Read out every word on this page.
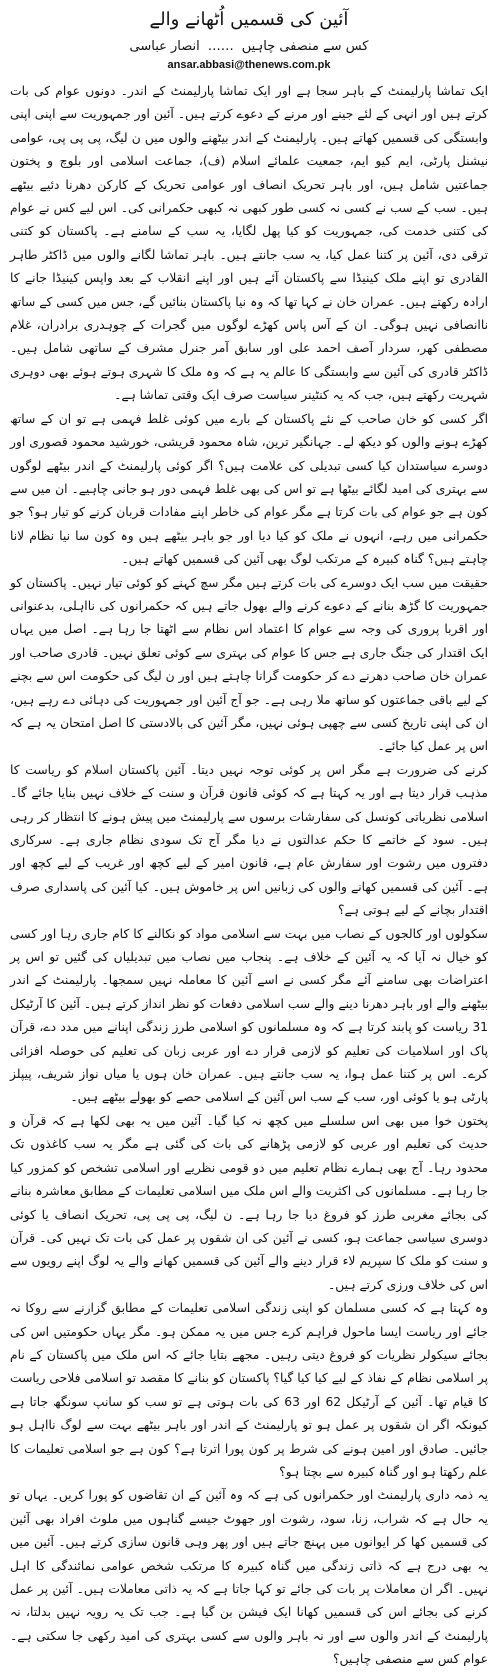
آئین کی قسمیں اُٹھانے والے
کس سے منصفی چاہیں
……
انصار عباسی
ansar.abbasi@thenews.com.pk

ایک تماشا پارلیمنٹ کے باہر سجا ہے اور ایک تماشا پارلیمنٹ کے اندر۔ دونوں عوام کی بات کرتے ہیں اور انہی کے لئے جینے اور مرنے کے دعوے کرتے ہیں۔ آئین اور جمہوریت سے اپنی اپنی وابستگی کی قسمیں کھاتے ہیں۔ پارلیمنٹ کے اندر بیٹھنے والوں میں ن لیگ، پی پی پی، عوامی نیشنل پارٹی، ایم کیو ایم، جمعیت علمائے اسلام (ف)، جماعت اسلامی اور بلوچ و پختون جماعتیں شامل ہیں، اور باہر تحریک انصاف اور عوامی تحریک کے کارکن دھرنا دئیے بیٹھے ہیں۔ سب کے سب نے کسی نہ کسی طور کبھی نہ کبھی حکمرانی کی۔ اس لیے کس نے عوام کی کتنی خدمت کی، جمہوریت کو کیا پھل لگایا، یہ سب کے سامنے ہے۔ پاکستان کو کتنی ترقی دی، آئین پر کتنا عمل کیا، یہ سب جانتے ہیں۔ باہر تماشا لگانے والوں میں ڈاکٹر طاہر القادری تو اپنے ملک کینیڈا سے پاکستان آئے ہیں اور اپنے انقلاب کے بعد واپس کینیڈا جانے کا ارادہ رکھتے ہیں۔ عمران خان نے کہا تھا کہ وہ نیا پاکستان بنائیں گے، جس میں کسی کے ساتھ ناانصافی نہیں ہوگی۔ ان کے آس پاس کھڑے لوگوں میں گجرات کے چوہدری برادران، غلام مصطفی کھر، سردار آصف احمد علی اور سابق آمر جنرل مشرف کے ساتھی شامل ہیں۔ ڈاکٹر قادری کی آئین سے وابستگی کا عالم یہ ہے کہ وہ ملک کا شہری ہوتے ہوئے بھی دوہری شہریت رکھتے ہیں، جب کہ یہ کنٹینر سیاست صرف ایک وقتی تماشا ہے۔

اگر کسی کو خان صاحب کے نئے پاکستان کے بارے میں کوئی غلط فہمی ہے تو ان کے ساتھ کھڑے ہونے والوں کو دیکھ لے۔ جہانگیر ترین، شاہ محمود قریشی، خورشید محمود قصوری اور دوسرے سیاستدان کیا کسی تبدیلی کی علامت ہیں؟ اگر کوئی پارلیمنٹ کے اندر بیٹھے لوگوں سے بہتری کی امید لگائے بیٹھا ہے تو اس کی بھی غلط فہمی دور ہو جانی چاہیے۔ ان میں سے کون ہے جو عوام کی بات کرتا ہے مگر عوام کی خاطر اپنے مفادات قربان کرنے کو تیار ہو؟ جو حکمرانی میں رہے، انہوں نے ملک کو کیا دیا اور جو باہر بیٹھے ہیں وہ کون سا نیا نظام لانا چاہتے ہیں؟ گناہ کبیرہ کے مرتکب لوگ بھی آئین کی قسمیں کھاتے ہیں۔

حقیقت میں سب ایک دوسرے کی بات کرتے ہیں مگر سچ کہنے کو کوئی تیار نہیں۔ پاکستان کو جمہوریت کا گڑھ بنانے کے دعوے کرنے والے بھول جاتے ہیں کہ حکمرانوں کی نااہلی، بدعنوانی اور اقربا پروری کی وجہ سے عوام کا اعتماد اس نظام سے اٹھتا جا رہا ہے۔ اصل میں یہاں ایک اقتدار کی جنگ جاری ہے جس کا عوام کی بہتری سے کوئی تعلق نہیں۔ قادری صاحب اور عمران خان صاحب دھرنے دے کر حکومت گرانا چاہتے ہیں اور ن لیگ کی حکومت اس سے بچنے کے لیے باقی جماعتوں کو ساتھ ملا رہی ہے۔ جو آج آئین اور جمہوریت کی دہائی دے رہے ہیں، ان کی اپنی تاریخ کسی سے چھپی ہوئی نہیں، مگر آئین کی بالادستی کا اصل امتحان یہ ہے کہ اس پر عمل کیا جائے۔

کرنے کی ضرورت ہے مگر اس پر کوئی توجہ نہیں دیتا۔ آئین پاکستان اسلام کو ریاست کا مذہب قرار دیتا ہے اور یہ کہتا ہے کہ کوئی قانون قرآن و سنت کے خلاف نہیں بنایا جائے گا۔ اسلامی نظریاتی کونسل کی سفارشات برسوں سے پارلیمنٹ میں پیش ہونے کا انتظار کر رہی ہیں۔ سود کے خاتمے کا حکم عدالتوں نے دیا مگر آج تک سودی نظام جاری ہے۔ سرکاری دفتروں میں رشوت اور سفارش عام ہے، قانون امیر کے لیے کچھ اور غریب کے لیے کچھ اور ہے۔ آئین کی قسمیں کھانے والوں کی زبانیں اس پر خاموش ہیں۔ کیا آئین کی پاسداری صرف اقتدار بچانے کے لیے ہوتی ہے؟

سکولوں اور کالجوں کے نصاب میں بہت سے اسلامی مواد کو نکالنے کا کام جاری رہا اور کسی کو خیال نہ آیا کہ یہ آئین کے خلاف ہے۔ پنجاب میں نصاب میں تبدیلیاں کی گئیں تو اس پر اعتراضات بھی سامنے آئے مگر کسی نے اسے آئین کا معاملہ نہیں سمجھا۔ پارلیمنٹ کے اندر بیٹھنے والے اور باہر دھرنا دینے والے سب اسلامی دفعات کو نظر انداز کرتے ہیں۔ آئین کا آرٹیکل 31 ریاست کو پابند کرتا ہے کہ وہ مسلمانوں کو اسلامی طرز زندگی اپنانے میں مدد دے، قرآن پاک اور اسلامیات کی تعلیم کو لازمی قرار دے اور عربی زبان کی تعلیم کی حوصلہ افزائی کرے۔ اس پر کتنا عمل ہوا، یہ سب جانتے ہیں۔ عمران خان ہوں یا میاں نواز شریف، پیپلز پارٹی ہو یا کوئی اور، سب کے سب اس آئین کے اسلامی حصے کو بھولے بیٹھے ہیں۔

پختون خوا میں بھی اس سلسلے میں کچھ نہ کیا گیا۔ آئین میں یہ بھی لکھا ہے کہ قرآن و حدیث کی تعلیم اور عربی کو لازمی پڑھانے کی بات کی گئی ہے مگر یہ سب کاغذوں تک محدود رہا۔ آج بھی ہمارے نظام تعلیم میں دو قومی نظریے اور اسلامی تشخص کو کمزور کیا جا رہا ہے۔ مسلمانوں کی اکثریت والے اس ملک میں اسلامی تعلیمات کے مطابق معاشرہ بنانے کی بجائے مغربی طرز کو فروغ دیا جا رہا ہے۔ ن لیگ، پی پی پی، تحریک انصاف یا کوئی دوسری سیاسی جماعت ہو، کسی نے آئین کی ان شقوں پر عمل کی بات تک نہیں کی۔ قرآن و سنت کو ملک کا سپریم لاء قرار دینے والے آئین کی قسمیں کھانے والے یہ لوگ اپنے رویوں سے اس کی خلاف ورزی کرتے ہیں۔

وہ کہتا ہے کہ کسی مسلمان کو اپنی زندگی اسلامی تعلیمات کے مطابق گزارنے سے روکا نہ جائے اور ریاست ایسا ماحول فراہم کرے جس میں یہ ممکن ہو۔ مگر یہاں حکومتیں اس کی بجائے سیکولر نظریات کو فروغ دیتی رہیں۔ مجھے بتایا جائے کہ اس ملک میں پاکستان کے نام پر اسلامی نظام کے نفاذ کے لیے کیا کیا گیا؟ پاکستان کو بنانے کا مقصد تو اسلامی فلاحی ریاست کا قیام تھا۔ آئین کے آرٹیکل 62 اور 63 کی بات ہوتی ہے تو سب کو سانپ سونگھ جاتا ہے کیونکہ اگر ان شقوں پر عمل ہو تو پارلیمنٹ کے اندر اور باہر بیٹھے بہت سے لوگ نااہل ہو جائیں۔ صادق اور امین ہونے کی شرط پر کون پورا اترتا ہے؟ کون ہے جو اسلامی تعلیمات کا علم رکھتا ہو اور گناہ کبیرہ سے بچتا ہو؟

یہ ذمہ داری پارلیمنٹ اور حکمرانوں کی ہے کہ وہ آئین کے ان تقاضوں کو پورا کریں۔ یہاں تو یہ حال ہے کہ شراب، زنا، سود، رشوت اور جھوٹ جیسے گناہوں میں ملوث افراد بھی آئین کی قسمیں کھا کر ایوانوں میں پہنچ جاتے ہیں اور پھر وہی قانون سازی کرتے ہیں۔ آئین میں یہ بھی درج ہے کہ ذاتی زندگی میں گناہ کبیرہ کا مرتکب شخص عوامی نمائندگی کا اہل نہیں۔ اگر ان معاملات پر بات کی جائے تو کہا جاتا ہے کہ یہ ذاتی معاملات ہیں۔ آئین پر عمل کرنے کی بجائے اس کی قسمیں کھانا ایک فیشن بن گیا ہے۔ جب تک یہ رویہ نہیں بدلتا، نہ پارلیمنٹ کے اندر والوں سے اور نہ باہر والوں سے کسی بہتری کی امید رکھی جا سکتی ہے۔ عوام کس سے منصفی چاہیں؟
